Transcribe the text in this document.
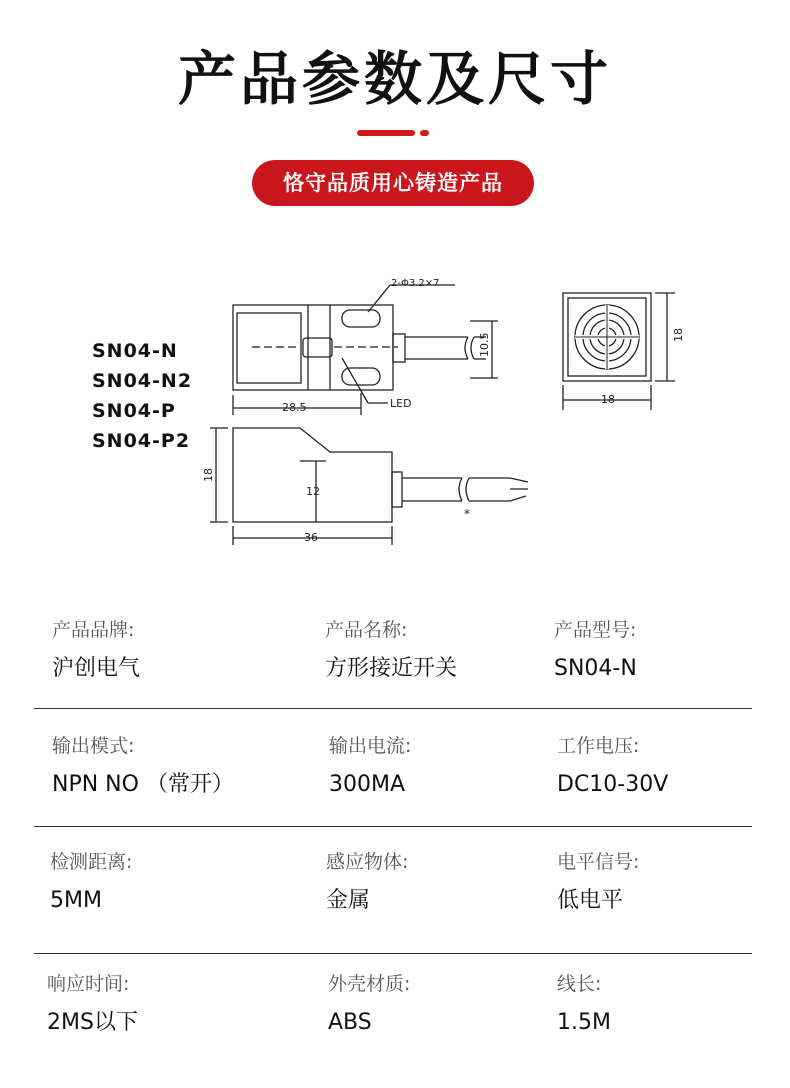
产品参数及尺寸
恪守品质用心铸造产品
SN04-N
SN04-N2
SN04-P
SN04-P2
2-Φ3.2×7
LED
28.5
10.5	18
18
18
12
36
*
产品品牌:
沪创电气
产品名称:
方形接近开关
产品型号:
SN04-N
输出模式:
NPN NO （常开）
输出电流:
300MA
工作电压:
DC10-30V
检测距离:
5MM
感应物体:
金属
电平信号:
低电平
响应时间:
2MS以下
外壳材质:
ABS
线长:
1.5M
